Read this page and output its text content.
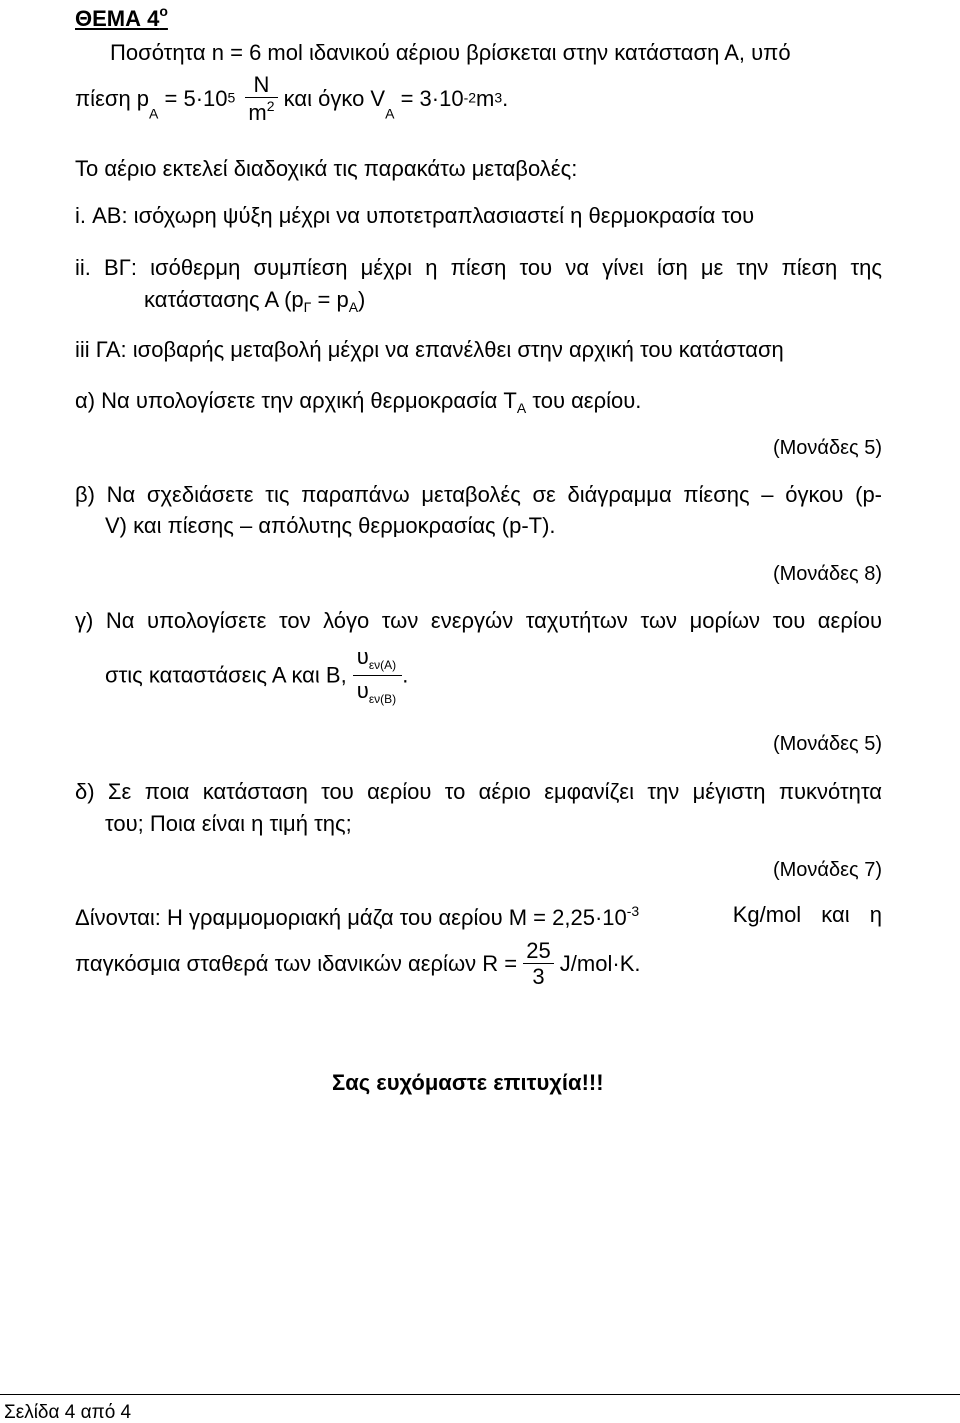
ΘΕΜΑ $4^o$
Ποσότητα n = 6 mol ιδανικού αέριου βρίσκεται στην κατάσταση Α, υπό
πίεση $p_A = 5\cdot 105 \frac{N}{m^2}$ και όγκο $V_A = 3\cdot 10-2m3$.
Το αέριο εκτελεί διαδοχικά τις παρακάτω μεταβολές:
i. ΑΒ: ισόχωρη ψύξη μέχρι να υποτετραπλασιαστεί η θερμοκρασία του
ii. ΒΓ: ισόθερμη συμπίεση μέχρι η πίεση του να γίνει ίση με την πίεση της
κατάστασης Α $(p_\Gamma = p_A)$
iii ΓΑ: ισοβαρής μεταβολή μέχρι να επανέλθει στην αρχική του κατάσταση
α) Να υπολογίσετε την αρχική θερμοκρασία $T_A$ του αερίου.
(Μονάδες 5)
β) Να σχεδιάσετε τις παραπάνω μεταβολές σε διάγραμμα πίεσης – όγκου (p-
V) και πίεσης – απόλυτης θερμοκρασίας (p-T).
(Μονάδες 8)
γ) Να υπολογίσετε τον λόγο των ενεργών ταχυτήτων των μορίων του αερίου
στις καταστάσεις Α και Β, $\frac{\upsilon_{\varepsilon\nu(A)}}{\upsilon_{\varepsilon\nu(B)}}$ .
(Μονάδες 5)
δ) Σε ποια κατάσταση του αερίου το αέριο εμφανίζει την μέγιστη πυκνότητα
του; Ποια είναι η τιμή της;
(Μονάδες 7)
Δίνονται: Η γραμμομοριακή μάζα του αερίου $M = 2,25\cdot 10^{-3}$	Kg/mol και η
παγκόσμια σταθερά των ιδανικών αερίων $R = \frac{25}{3} J/mol\cdot K$.
Σας ευχόμαστε επιτυχία!!!
Σελίδα 4 από 4
